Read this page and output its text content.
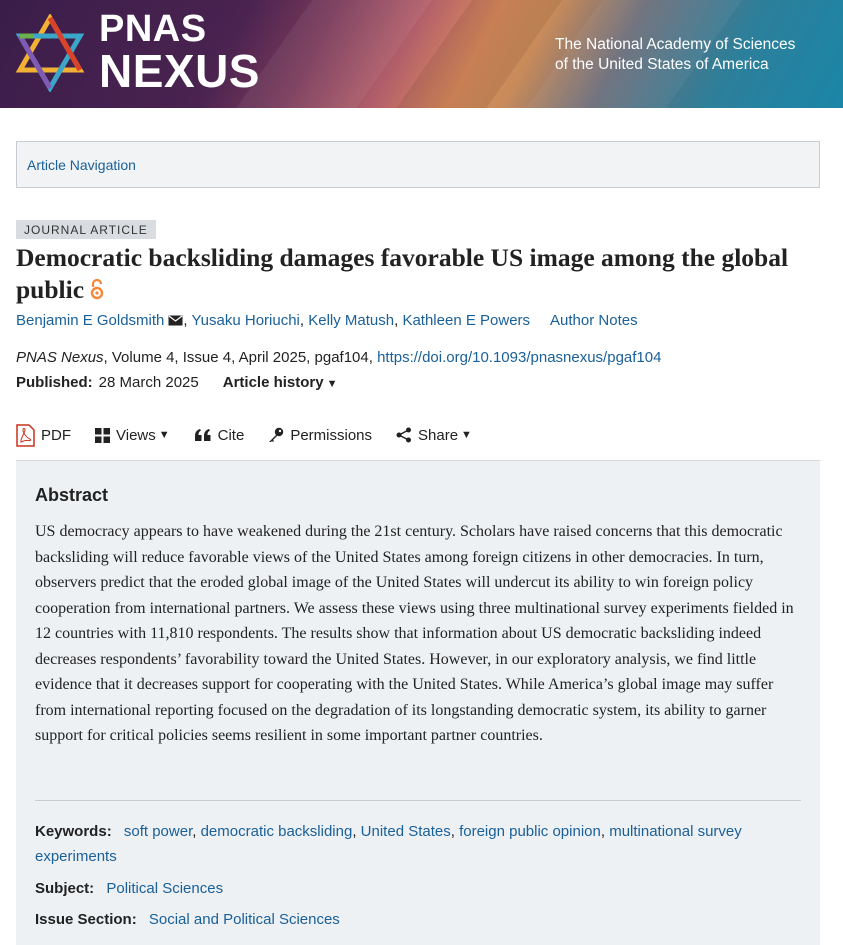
PNAS
NEXUS
The National Academy of Sciences
of the United States of America
Article Navigation
JOURNAL ARTICLE
Democratic backsliding damages favorable US image among the global public
Benjamin E Goldsmith , Yusaku Horiuchi, Kelly Matush, Kathleen E Powers Author Notes
PNAS Nexus, Volume 4, Issue 4, April 2025, pgaf104, https://doi.org/10.1093/pnasnexus/pgaf104
Published: 28 March 2025 Article history ▼
PDF	Views ▼	Cite	Permissions	Share ▼
Abstract

US democracy appears to have weakened during the 21st century. Scholars have raised concerns that this democratic backsliding will reduce favorable views of the United States among foreign citizens in other democracies. In turn, observers predict that the eroded global image of the United States will undercut its ability to win foreign policy cooperation from international partners. We assess these views using three multinational survey experiments fielded in 12 countries with 11,810 respondents. The results show that information about US democratic backsliding indeed decreases respondents’ favorability toward the United States. However, in our exploratory analysis, we find little evidence that it decreases support for cooperating with the United States. While America’s global image may suffer from international reporting focused on the degradation of its longstanding democratic system, its ability to garner support for critical policies seems resilient in some important partner countries.

Keywords: soft power, democratic backsliding, United States, foreign public opinion, multinational survey experiments
Subject: Political Sciences
Issue Section: Social and Political Sciences
